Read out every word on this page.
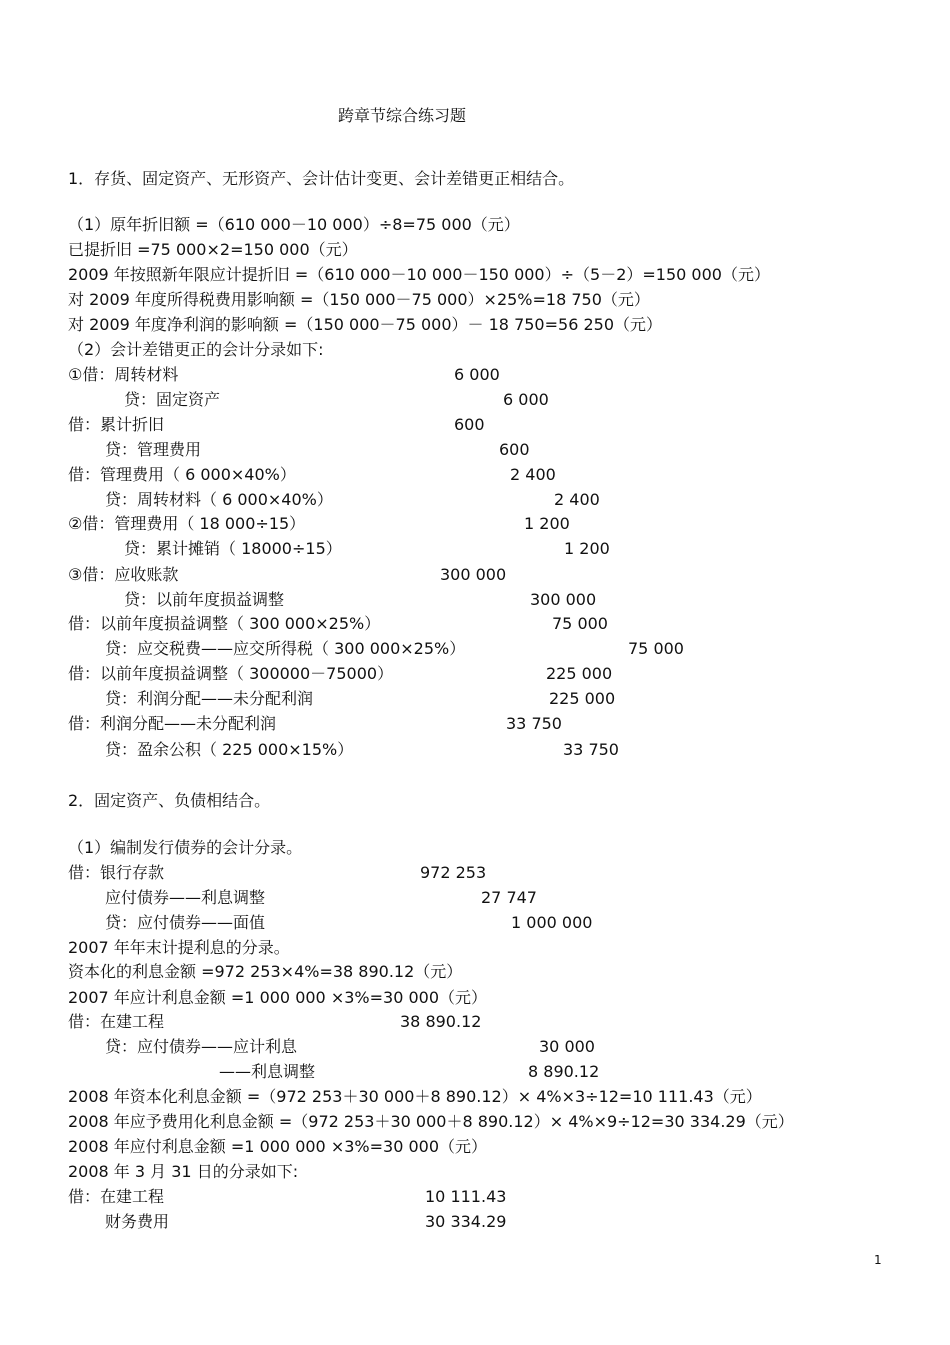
跨章节综合练习题
1．存货、固定资产、无形资产、会计估计变更、会计差错更正相结合。
（1）原年折旧额 =（610 000－10 000）÷8=75 000（元）
已提折旧 =75 000×2=150 000（元）
2009 年按照新年限应计提折旧 =（610 000－10 000－150 000）÷（5－2）=150 000（元）
对 2009 年度所得税费用影响额 =（150 000－75 000）×25%=18 750（元）
对 2009 年度净利润的影响额 =（150 000－75 000）－ 18 750=56 250（元）
（2）会计差错更正的会计分录如下:
①借：周转材料	6 000
贷：固定资产	6 000
借：累计折旧	600
贷：管理费用	600
借：管理费用（ 6 000×40%）	2 400
贷：周转材料（ 6 000×40%）	2 400
②借：管理费用（ 18 000÷15）	1 200
贷：累计摊销（ 18000÷15）	1 200
③借：应收账款	300 000
贷：以前年度损益调整	300 000
借：以前年度损益调整（ 300 000×25%）	75 000
贷：应交税费——应交所得税（ 300 000×25%）	75 000
借：以前年度损益调整（ 300000－75000）	225 000
贷：利润分配——未分配利润	225 000
借：利润分配——未分配利润	33 750
贷：盈余公积（ 225 000×15%）	33 750
2．固定资产、负债相结合。
（1）编制发行债券的会计分录。
借：银行存款	972 253
应付债券——利息调整	27 747
贷：应付债券——面值	1 000 000
2007 年年末计提利息的分录。
资本化的利息金额 =972 253×4%=38 890.12（元）
2007 年应计利息金额 =1 000 000 ×3%=30 000（元）
借：在建工程	38 890.12
贷：应付债券——应计利息	30 000
——利息调整	8 890.12
2008 年资本化利息金额 =（972 253＋30 000＋8 890.12）× 4%×3÷12=10 111.43（元）
2008 年应予费用化利息金额 =（972 253＋30 000＋8 890.12）× 4%×9÷12=30 334.29（元）
2008 年应付利息金额 =1 000 000 ×3%=30 000（元）
2008 年 3 月 31 日的分录如下:
借：在建工程	10 111.43
财务费用	30 334.29
1
